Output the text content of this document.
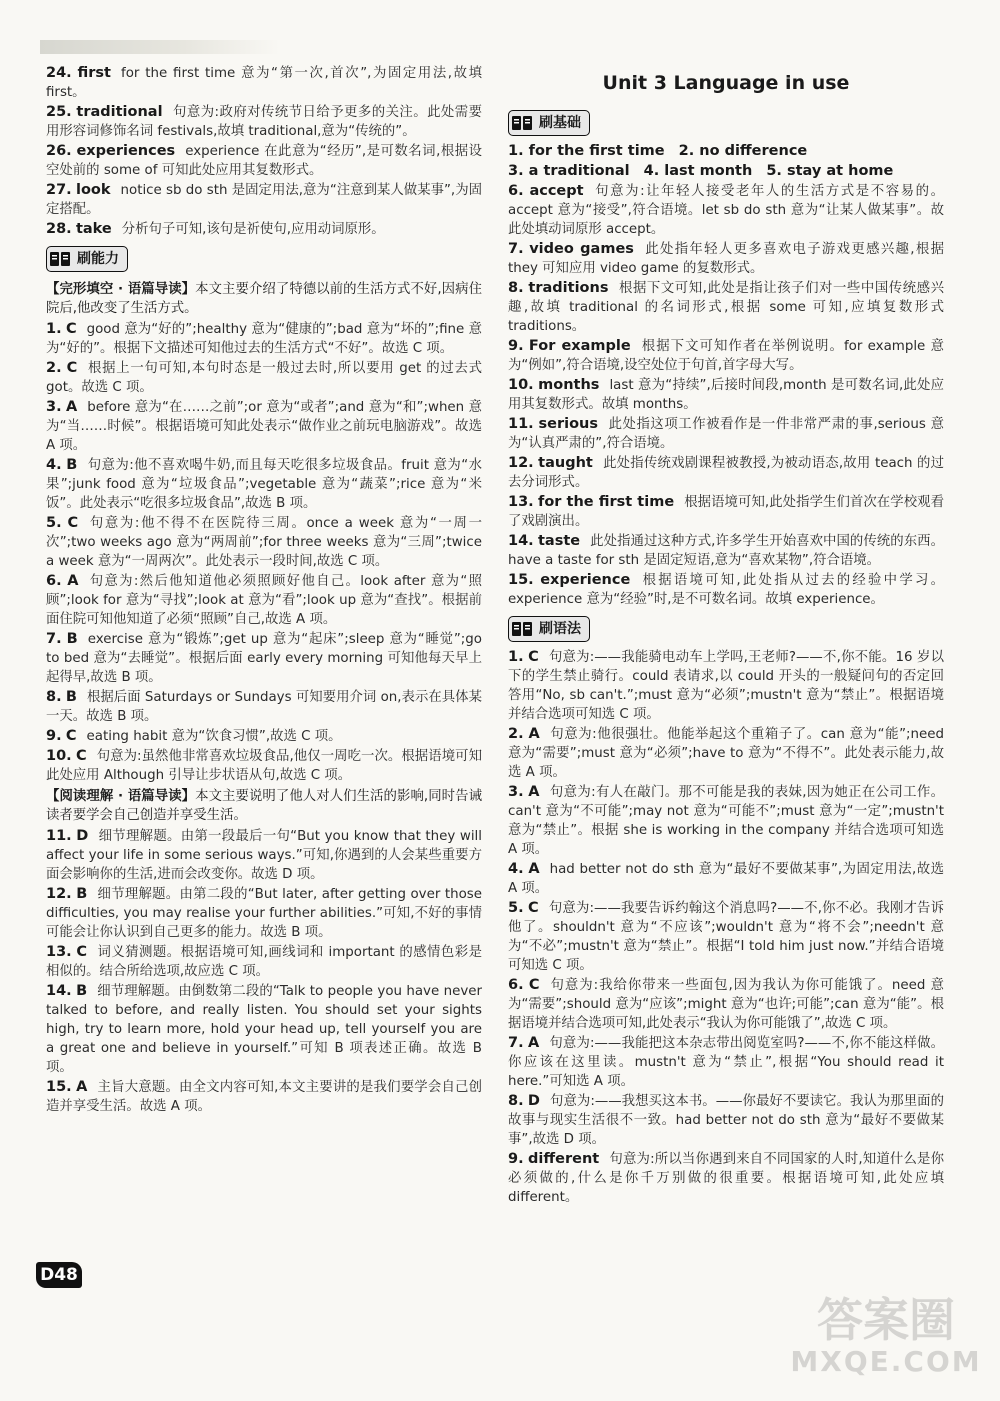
24. first for the first time 意为“第一次,首次”,为固定用法,故填 first。

25. traditional 句意为:政府对传统节日给予更多的关注。此处需要用形容词修饰名词 festivals,故填 traditional,意为“传统的”。

26. experiences experience 在此意为“经历”,是可数名词,根据设空处前的 some of 可知此处应用其复数形式。

27. look notice sb do sth 是固定用法,意为“注意到某人做某事”,为固定搭配。

28. take 分析句子可知,该句是祈使句,应用动词原形。

刷能力
【完形填空 · 语篇导读】本文主要介绍了特德以前的生活方式不好,因病住院后,他改变了生活方式。

1. C good 意为“好的”;healthy 意为“健康的”;bad 意为“坏的”;fine 意为“好的”。根据下文描述可知他过去的生活方式“不好”。故选 C 项。

2. C 根据上一句可知,本句时态是一般过去时,所以要用 get 的过去式 got。故选 C 项。

3. A before 意为“在……之前”;or 意为“或者”;and 意为“和”;when 意为“当……时候”。根据语境可知此处表示“做作业之前玩电脑游戏”。故选 A 项。

4. B 句意为:他不喜欢喝牛奶,而且每天吃很多垃圾食品。fruit 意为“水果”;junk food 意为“垃圾食品”;vegetable 意为“蔬菜”;rice 意为“米饭”。此处表示“吃很多垃圾食品”,故选 B 项。

5. C 句意为:他不得不在医院待三周。once a week 意为“一周一次”;two weeks ago 意为“两周前”;for three weeks 意为“三周”;twice a week 意为“一周两次”。此处表示一段时间,故选 C 项。

6. A 句意为:然后他知道他必须照顾好他自己。look after 意为“照顾”;look for 意为“寻找”;look at 意为“看”;look up 意为“查找”。根据前面住院可知他知道了必须“照顾”自己,故选 A 项。

7. B exercise 意为“锻炼”;get up 意为“起床”;sleep 意为“睡觉”;go to bed 意为“去睡觉”。根据后面 early every morning 可知他每天早上起得早,故选 B 项。

8. B 根据后面 Saturdays or Sundays 可知要用介词 on,表示在具体某一天。故选 B 项。

9. C eating habit 意为“饮食习惯”,故选 C 项。

10. C 句意为:虽然他非常喜欢垃圾食品,他仅一周吃一次。根据语境可知此处应用 Although 引导让步状语从句,故选 C 项。

【阅读理解 · 语篇导读】本文主要说明了他人对人们生活的影响,同时告诫读者要学会自己创造并享受生活。

11. D 细节理解题。由第一段最后一句“But you know that they will affect your life in some serious ways.”可知,你遇到的人会某些重要方面会影响你的生活,进而会改变你。故选 D 项。

12. B 细节理解题。由第二段的“But later, after getting over those difficulties, you may realise your further abilities.”可知,不好的事情可能会让你认识到自己更多的能力。故选 B 项。

13. C 词义猜测题。根据语境可知,画线词和 important 的感情色彩是相似的。结合所给选项,故应选 C 项。

14. B 细节理解题。由倒数第二段的“Talk to people you have never talked to before, and really listen. You should set your sights high, try to learn more, hold your head up, tell yourself you are a great one and believe in yourself.”可知 B 项表述正确。故选 B 项。

15. A 主旨大意题。由全文内容可知,本文主要讲的是我们要学会自己创造并享受生活。故选 A 项。

Unit 3 Language in use
刷基础
1. for the first time 2. no difference
3. a traditional 4. last month 5. stay at home

6. accept 句意为:让年轻人接受老年人的生活方式是不容易的。accept 意为“接受”,符合语境。let sb do sth 意为“让某人做某事”。故此处填动词原形 accept。

7. video games 此处指年轻人更多喜欢电子游戏更感兴趣,根据 they 可知应用 video game 的复数形式。

8. traditions 根据下文可知,此处是指让孩子们对一些中国传统感兴趣,故填 traditional 的名词形式,根据 some 可知,应填复数形式 traditions。

9. For example 根据下文可知作者在举例说明。for example 意为“例如”,符合语境,设空处位于句首,首字母大写。

10. months last 意为“持续”,后接时间段,month 是可数名词,此处应用其复数形式。故填 months。

11. serious 此处指这项工作被看作是一件非常严肃的事,serious 意为“认真严肃的”,符合语境。

12. taught 此处指传统戏剧课程被教授,为被动语态,故用 teach 的过去分词形式。

13. for the first time 根据语境可知,此处指学生们首次在学校观看了戏剧演出。

14. taste 此处指通过这种方式,许多学生开始喜欢中国的传统的东西。have a taste for sth 是固定短语,意为“喜欢某物”,符合语境。

15. experience 根据语境可知,此处指从过去的经验中学习。experience 意为“经验”时,是不可数名词。故填 experience。

刷语法

1. C 句意为:——我能骑电动车上学吗,王老师?——不,你不能。16 岁以下的学生禁止骑行。could 表请求,以 could 开头的一般疑问句的否定回答用“No, sb can't.”;must 意为“必须”;mustn't 意为“禁止”。根据语境并结合选项可知选 C 项。

2. A 句意为:他很强壮。他能举起这个重箱子了。can 意为“能”;need 意为“需要”;must 意为“必须”;have to 意为“不得不”。此处表示能力,故选 A 项。

3. A 句意为:有人在敲门。那不可能是我的表妹,因为她正在公司工作。can't 意为“不可能”;may not 意为“可能不”;must 意为“一定”;mustn't 意为“禁止”。根据 she is working in the company 并结合选项可知选 A 项。

4. A had better not do sth 意为“最好不要做某事”,为固定用法,故选 A 项。

5. C 句意为:——我要告诉约翰这个消息吗?——不,你不必。我刚才告诉他了。shouldn't 意为“不应该”;wouldn't 意为“将不会”;needn't 意为“不必”;mustn't 意为“禁止”。根据“I told him just now.”并结合语境可知选 C 项。

6. C 句意为:我给你带来一些面包,因为我认为你可能饿了。need 意为“需要”;should 意为“应该”;might 意为“也许;可能”;can 意为“能”。根据语境并结合选项可知,此处表示“我认为你可能饿了”,故选 C 项。

7. A 句意为:——我能把这本杂志带出阅览室吗?——不,你不能这样做。你应该在这里读。mustn't 意为“禁止”,根据“You should read it here.”可知选 A 项。

8. D 句意为:——我想买这本书。——你最好不要读它。我认为那里面的故事与现实生活很不一致。had better not do sth 意为“最好不要做某事”,故选 D 项。

9. different 句意为:所以当你遇到来自不同国家的人时,知道什么是你必须做的,什么是你千万别做的很重要。根据语境可知,此处应填 different。

D48
答案圈
MXQE.COM
